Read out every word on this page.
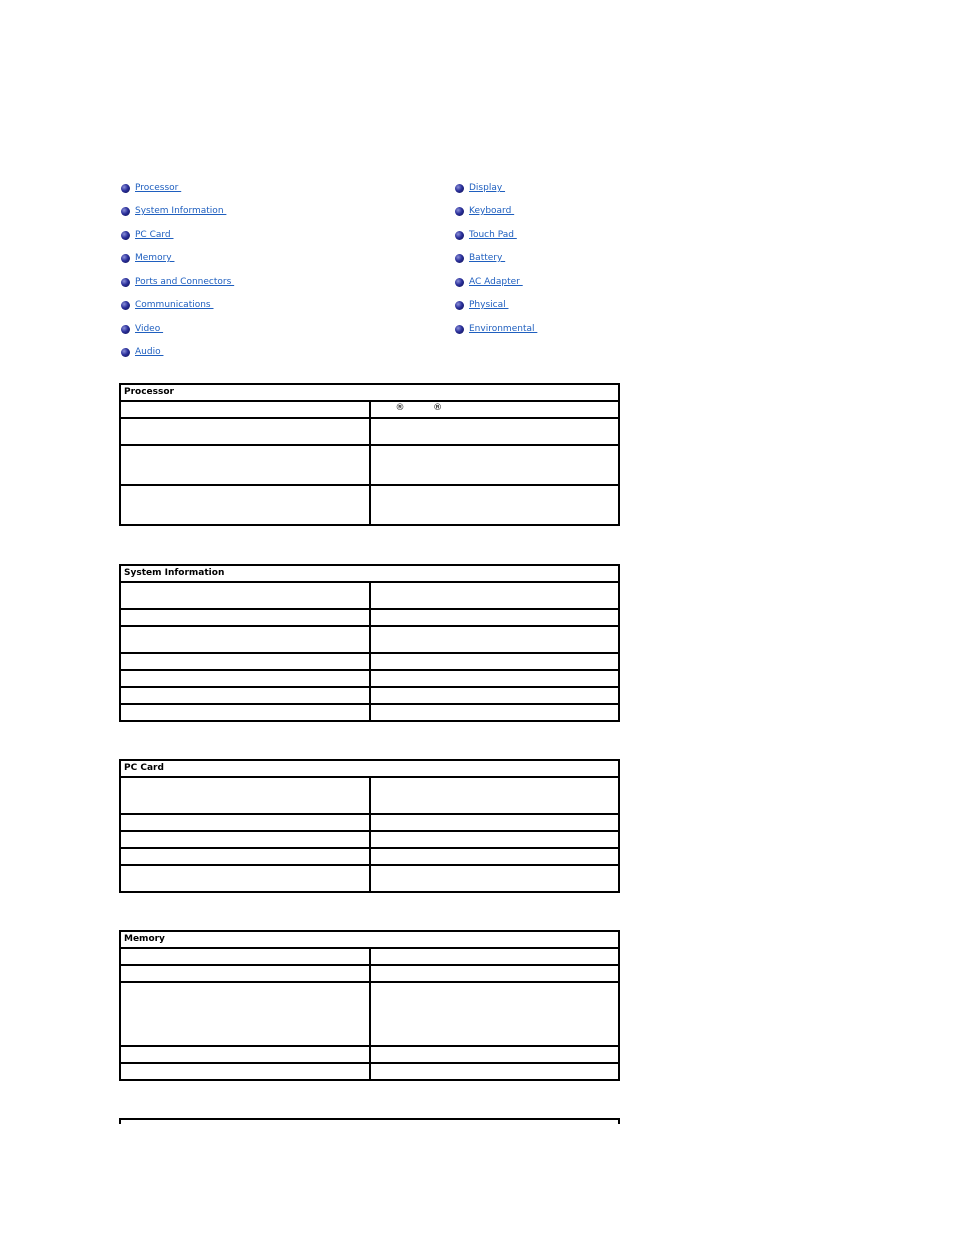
Processor
System Information
PC Card
Memory
Ports and Connectors
Communications
Video
Audio
Display
Keyboard
Touch Pad
Battery
AC Adapter
Physical
Environmental
Processor	
	®          ®

System Information	

PC Card	

Memory	
